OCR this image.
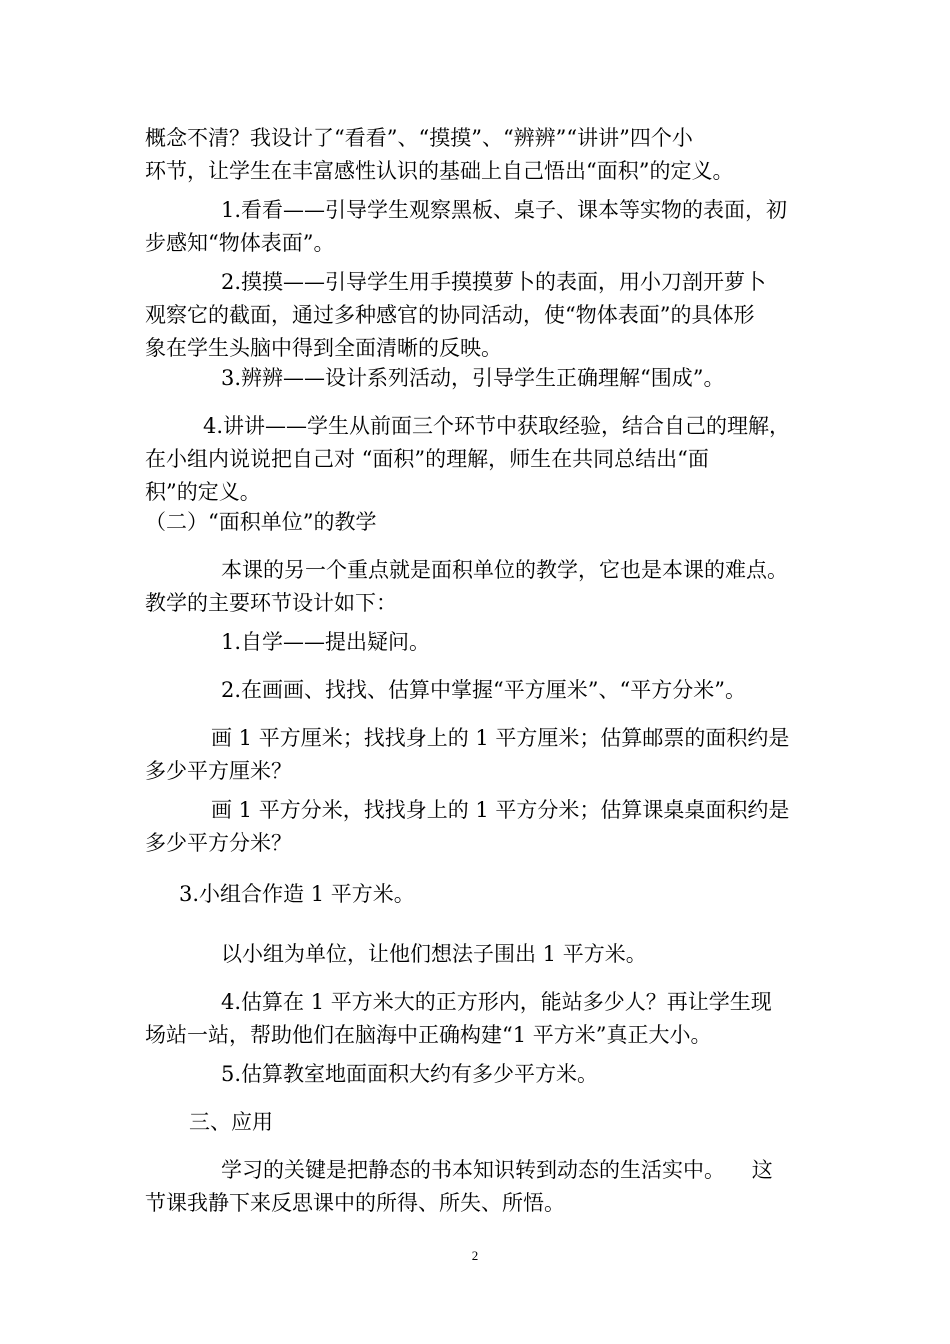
概念不清？我设计了“看看”、“摸摸”、“辨辨”“讲讲”四个小
环节，让学生在丰富感性认识的基础上自己悟出“面积”的定义。

1.看看——引导学生观察黑板、桌子、课本等实物的表面，初
步感知“物体表面”。

2.摸摸——引导学生用手摸摸萝卜的表面，用小刀剖开萝卜
观察它的截面，通过多种感官的协同活动，使“物体表面”的具体形
象在学生头脑中得到全面清晰的反映。

3.辨辨——设计系列活动，引导学生正确理解“围成”。

4.讲讲——学生从前面三个环节中获取经验，结合自己的理解，
在小组内说说把自己对 “面积”的理解，师生在共同总结出“面
积”的定义。

（二）“面积单位”的教学

本课的另一个重点就是面积单位的教学，它也是本课的难点。
教学的主要环节设计如下：

1.自学——提出疑问。

2.在画画、找找、估算中掌握“平方厘米”、“平方分米”。

画 1 平方厘米；找找身上的 1 平方厘米；估算邮票的面积约是
多少平方厘米？

画 1 平方分米，找找身上的 1 平方分米；估算课桌桌面积约是
多少平方分米？

3.小组合作造 1 平方米。

以小组为单位，让他们想法子围出 1 平方米。

4.估算在 1 平方米大的正方形内，能站多少人？再让学生现
场站一站，帮助他们在脑海中正确构建“1 平方米”真正大小。

5.估算教室地面面积大约有多少平方米。

三、应用

学习的关键是把静态的书本知识转到动态的生活实中。    这
节课我静下来反思课中的所得、所失、所悟。

2
